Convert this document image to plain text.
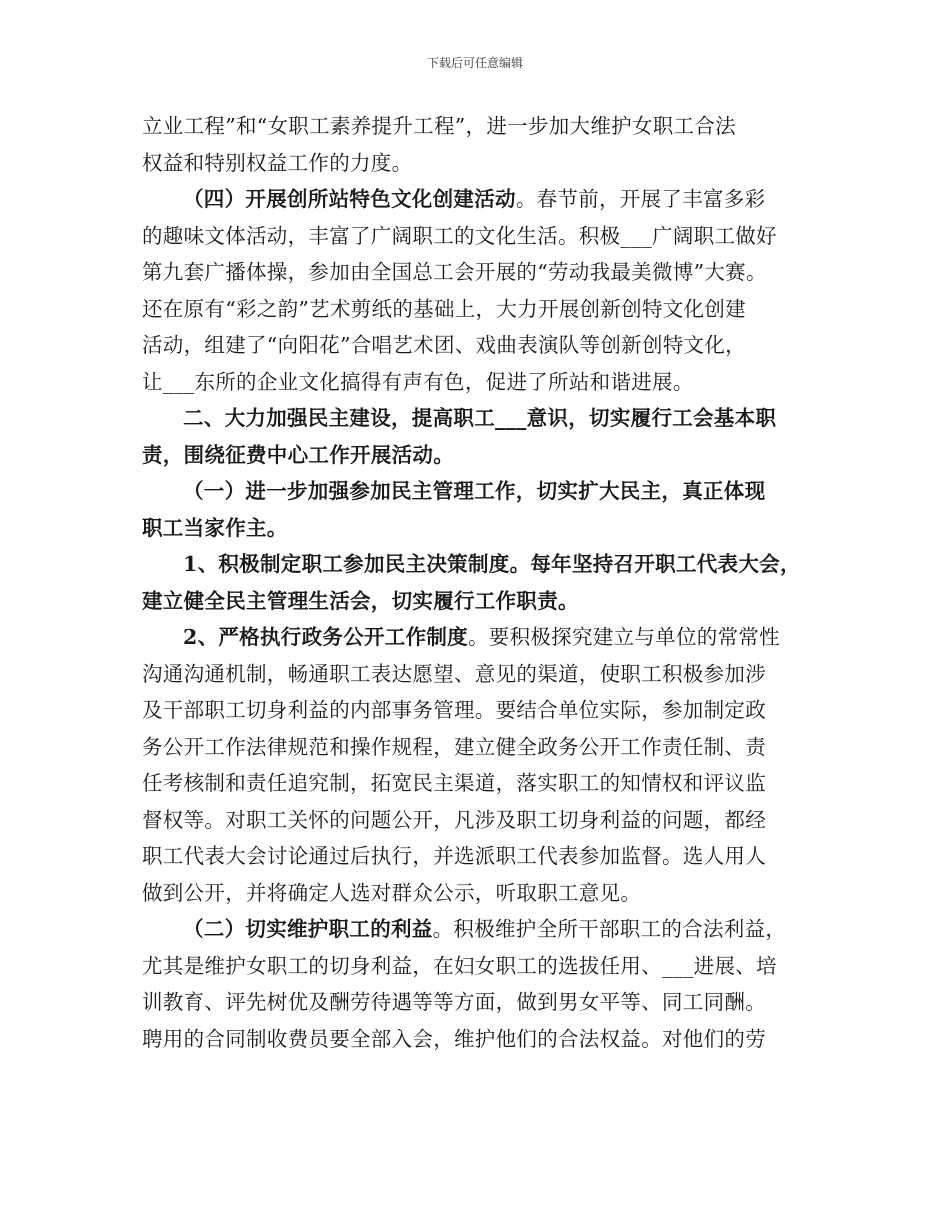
下载后可任意编辑
立业工程”和“女职工素养提升工程”，进一步加大维护女职工合法
权益和特别权益工作的力度。
（四）开展创所站特色文化创建活动。春节前，开展了丰富多彩
的趣味文体活动，丰富了广阔职工的文化生活。积极___广阔职工做好
第九套广播体操，参加由全国总工会开展的“劳动我最美微博”大赛。
还在原有“彩之韵”艺术剪纸的基础上，大力开展创新创特文化创建
活动，组建了“向阳花”合唱艺术团、戏曲表演队等创新创特文化，
让___东所的企业文化搞得有声有色，促进了所站和谐进展。
二、大力加强民主建设，提高职工___意识，切实履行工会基本职
责，围绕征费中心工作开展活动。
（一）进一步加强参加民主管理工作，切实扩大民主，真正体现
职工当家作主。
1、积极制定职工参加民主决策制度。每年坚持召开职工代表大会，
建立健全民主管理生活会，切实履行工作职责。
2、严格执行政务公开工作制度。要积极探究建立与单位的常常性
沟通沟通机制，畅通职工表达愿望、意见的渠道，使职工积极参加涉
及干部职工切身利益的内部事务管理。要结合单位实际，参加制定政
务公开工作法律规范和操作规程，建立健全政务公开工作责任制、责
任考核制和责任追究制，拓宽民主渠道，落实职工的知情权和评议监
督权等。对职工关怀的问题公开，凡涉及职工切身利益的问题，都经
职工代表大会讨论通过后执行，并选派职工代表参加监督。选人用人
做到公开，并将确定人选对群众公示，听取职工意见。
（二）切实维护职工的利益。积极维护全所干部职工的合法利益，
尤其是维护女职工的切身利益，在妇女职工的选拔任用、___进展、培
训教育、评先树优及酬劳待遇等等方面，做到男女平等、同工同酬。
聘用的合同制收费员要全部入会，维护他们的合法权益。对他们的劳
